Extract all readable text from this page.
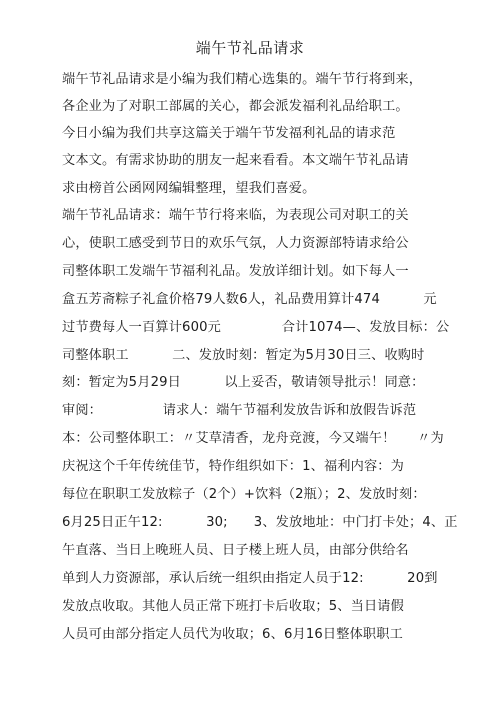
端午节礼品请求
端午节礼品请求是小编为我们精心选集的。端午节行将到来，
各企业为了对职工部属的关心，都会派发福利礼品给职工。
今日小编为我们共享这篇关于端午节发福利礼品的请求范
文本文。有需求协助的朋友一起来看看。本文端午节礼品请
求由榜首公函网网编辑整理，望我们喜爱。
端午节礼品请求：端午节行将来临，为表现公司对职工的关
心，使职工感受到节日的欢乐气氛，人力资源部特请求给公
司整体职工发端午节福利礼品。发放详细计划。如下每人一
盒五芳斋粽子礼盒价格79人数6人，礼品费用算计474          元
过节费每人一百算计600元              合计1074—、发放目标：公
司整体职工          二、发放时刻：暂定为5月30日三、收购时
刻：暂定为5月29日          以上妥否，敬请领导批示！同意：
审阅：              请求人：端午节福利发放告诉和放假告诉范
本：公司整体职工：〃艾草清香，龙舟竞渡，今又端午！     〃为
庆祝这个千年传统佳节，特作组织如下：1、福利内容：为
每位在职职工发放粽子（2个）+饮料（2瓶）；2、发放时刻：
6月25日正午12:          30;      3、发放地址：中门打卡处；4、正
午直落、当日上晚班人员、日子楼上班人员，由部分供给名
单到人力资源部，承认后统一组织由指定人员于12:          20到
发放点收取。其他人员正常下班打卡后收取；5、当日请假
人员可由部分指定人员代为收取；6、6月16日整体职职工
